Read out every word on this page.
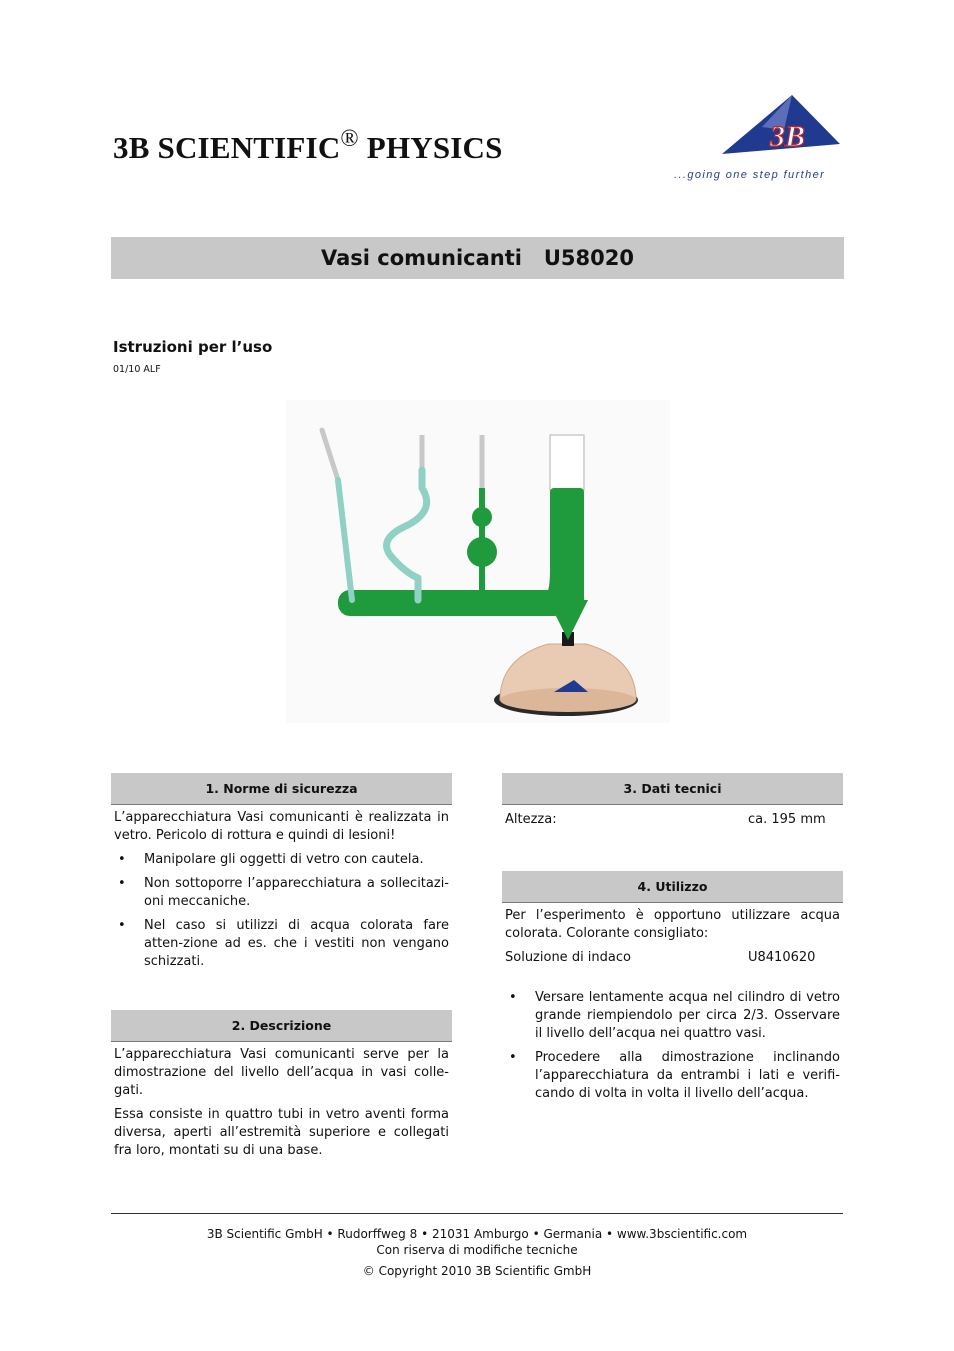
3B SCIENTIFIC® PHYSICS	3B
...going one step further
Vasi comunicanti   U58020
Istruzioni per l’uso
01/10 ALF
1. Norme di sicurezza

L’apparecchiatura Vasi comunicanti è realizzata in vetro. Pericolo di rottura e quindi di lesioni!

• Manipolare gli oggetti di vetro con cautela.
• Non sottoporre l’apparecchiatura a sollecitazi-oni meccaniche.
• Nel caso si utilizzi di acqua colorata fare atten-zione ad es. che i vestiti non vengano schizzati.
2. Descrizione

L’apparecchiatura Vasi comunicanti serve per la dimostrazione del livello dell’acqua in vasi colle-gati.

Essa consiste in quattro tubi in vetro aventi forma diversa, aperti all’estremità superiore e collegati fra loro, montati su di una base.

3. Dati tecnici
Altezza:	ca. 195 mm
4. Utilizzo

Per l’esperimento è opportuno utilizzare acqua colorata. Colorante consigliato:

Soluzione di indaco	U8410620
• Versare lentamente acqua nel cilindro di vetro grande riempiendolo per circa 2/3. Osservare il livello dell’acqua nei quattro vasi.
• Procedere alla dimostrazione inclinando l’apparecchiatura da entrambi i lati e verifi-cando di volta in volta il livello dell’acqua.
3B Scientific GmbH • Rudorffweg 8 • 21031 Amburgo • Germania • www.3bscientific.com
Con riserva di modifiche tecniche
© Copyright 2010 3B Scientific GmbH
